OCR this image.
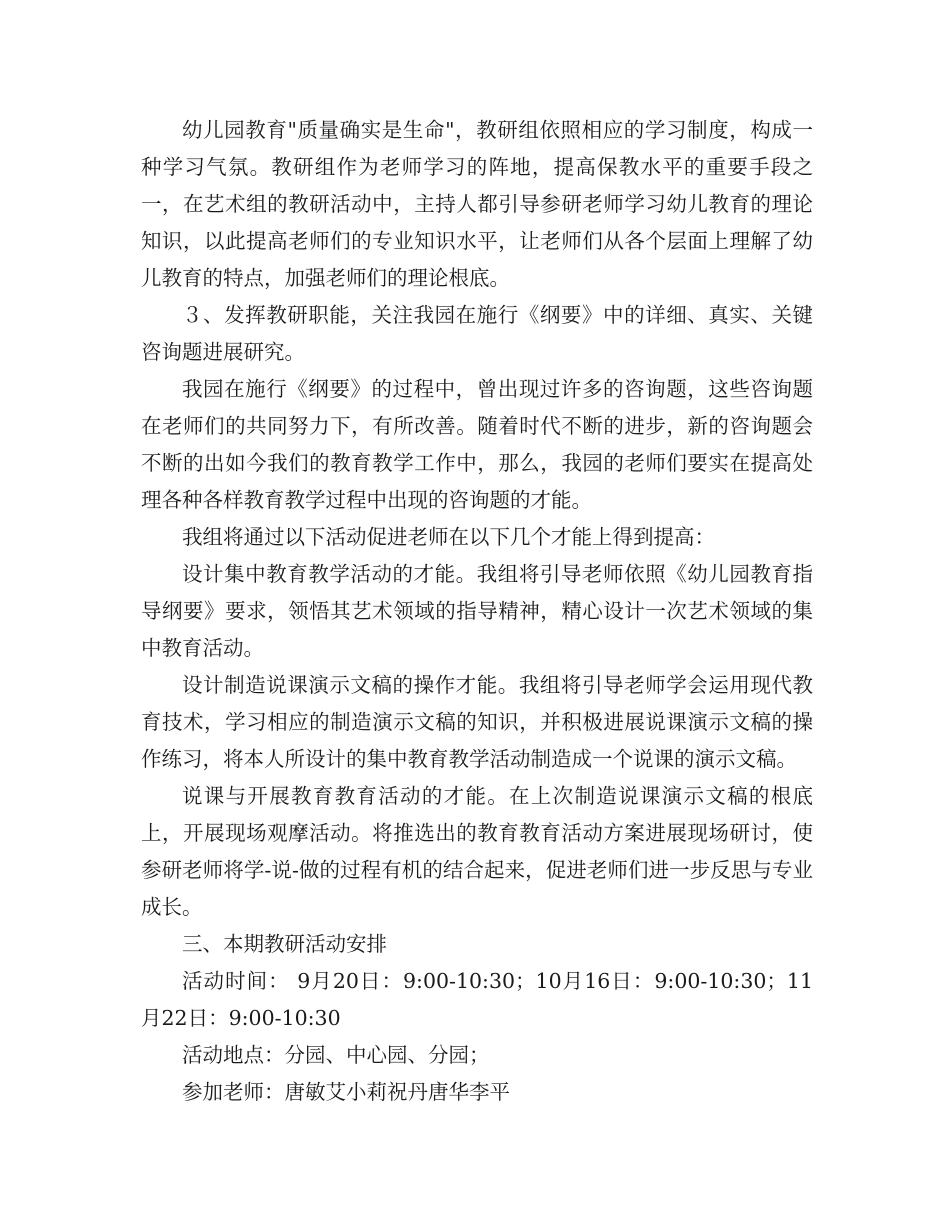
幼儿园教育"质量确实是生命"，教研组依照相应的学习制度，构成一种学习气氛。教研组作为老师学习的阵地，提高保教水平的重要手段之一，在艺术组的教研活动中，主持人都引导参研老师学习幼儿教育的理论知识，以此提高老师们的专业知识水平，让老师们从各个层面上理解了幼儿教育的特点，加强老师们的理论根底。

３、发挥教研职能，关注我园在施行《纲要》中的详细、真实、关键咨询题进展研究。

我园在施行《纲要》的过程中，曾出现过许多的咨询题，这些咨询题在老师们的共同努力下，有所改善。随着时代不断的进步，新的咨询题会不断的出如今我们的教育教学工作中，那么，我园的老师们要实在提高处理各种各样教育教学过程中出现的咨询题的才能。

我组将通过以下活动促进老师在以下几个才能上得到提高：

设计集中教育教学活动的才能。我组将引导老师依照《幼儿园教育指导纲要》要求，领悟其艺术领域的指导精神，精心设计一次艺术领域的集中教育活动。

设计制造说课演示文稿的操作才能。我组将引导老师学会运用现代教育技术，学习相应的制造演示文稿的知识，并积极进展说课演示文稿的操作练习，将本人所设计的集中教育教学活动制造成一个说课的演示文稿。

说课与开展教育教育活动的才能。在上次制造说课演示文稿的根底上，开展现场观摩活动。将推选出的教育教育活动方案进展现场研讨，使参研老师将学-说-做的过程有机的结合起来，促进老师们进一步反思与专业成长。

三、本期教研活动安排

活动时间： 9月20日：9:00-10:30；10月16日：9:00-10:30；11月22日：9:00-10:30

活动地点：分园、中心园、分园；

参加老师：唐敏艾小莉祝丹唐华李平
